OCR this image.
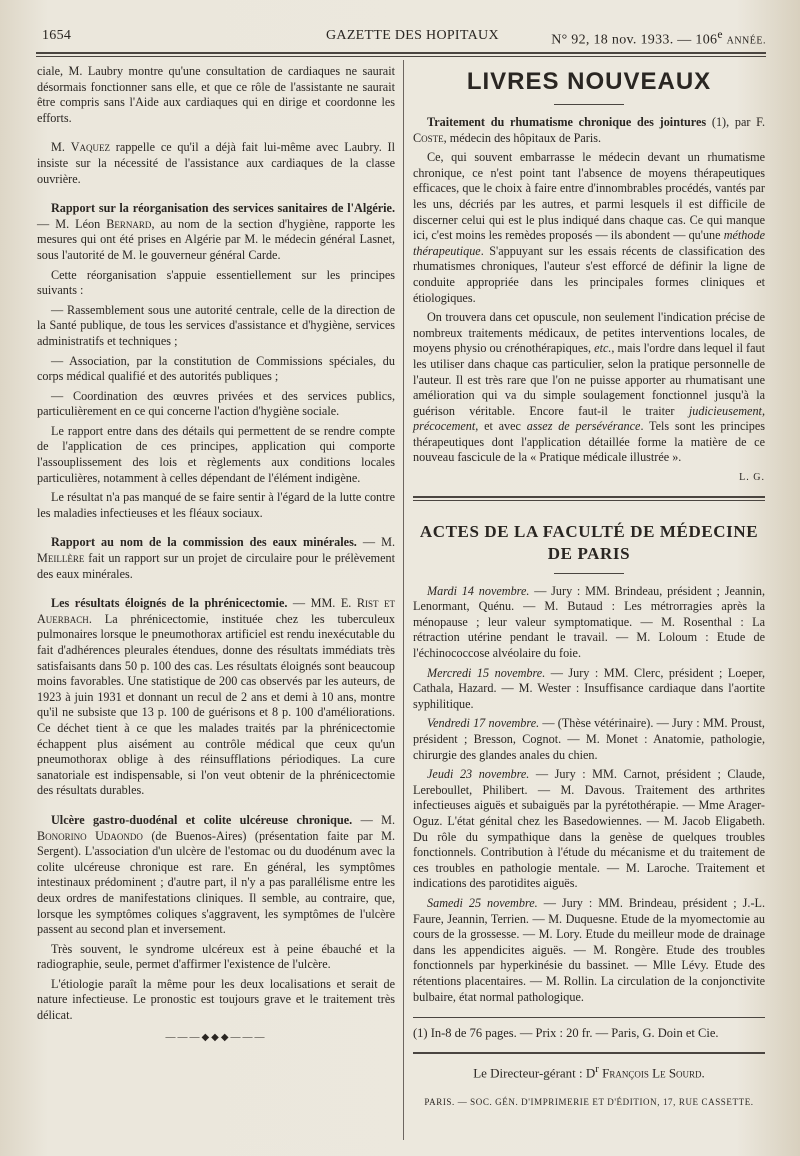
1654	GAZETTE DES HOPITAUX	N° 92, 18 nov. 1933. — 106e ANNÉE.

ciale, M. Laubry montre qu'une consultation de cardiaques ne saurait désormais fonctionner sans elle, et que ce rôle de l'assistante ne saurait être compris sans l'Aide aux cardiaques qui en dirige et coordonne les efforts.

M. Vaquez rappelle ce qu'il a déjà fait lui-même avec Laubry. Il insiste sur la nécessité de l'assistance aux cardiaques de la classe ouvrière.

Rapport sur la réorganisation des services sanitaires de l'Algérie. — M. Léon Bernard, au nom de la section d'hygiène, rapporte les mesures qui ont été prises en Algérie par M. le médecin général Lasnet, sous l'autorité de M. le gouverneur général Carde.

Cette réorganisation s'appuie essentiellement sur les principes suivants :

— Rassemblement sous une autorité centrale, celle de la direction de la Santé publique, de tous les services d'assistance et d'hygiène, services administratifs et techniques ;

— Association, par la constitution de Commissions spéciales, du corps médical qualifié et des autorités publiques ;

— Coordination des œuvres privées et des services publics, particulièrement en ce qui concerne l'action d'hygiène sociale.

Le rapport entre dans des détails qui permettent de se rendre compte de l'application de ces principes, application qui comporte l'assouplissement des lois et règlements aux conditions locales particulières, notamment à celles dépendant de l'élément indigène.

Le résultat n'a pas manqué de se faire sentir à l'égard de la lutte contre les maladies infectieuses et les fléaux sociaux.

Rapport au nom de la commission des eaux minérales. — M. Meillère fait un rapport sur un projet de circulaire pour le prélèvement des eaux minérales.

Les résultats éloignés de la phrénicectomie. — MM. E. Rist et Auerbach. La phrénicectomie, instituée chez les tuberculeux pulmonaires lorsque le pneumothorax artificiel est rendu inexécutable du fait d'adhérences pleurales étendues, donne des résultats immédiats très satisfaisants dans 50 p. 100 des cas. Les résultats éloignés sont beaucoup moins favorables. Une statistique de 200 cas observés par les auteurs, de 1923 à juin 1931 et donnant un recul de 2 ans et demi à 10 ans, montre qu'il ne subsiste que 13 p. 100 de guérisons et 8 p. 100 d'améliorations. Ce déchet tient à ce que les malades traités par la phrénicectomie échappent plus aisément au contrôle médical que ceux qu'un pneumothorax oblige à des réinsufflations périodiques. La cure sanatoriale est indispensable, si l'on veut obtenir de la phrénicectomie des résultats durables.

Ulcère gastro-duodénal et colite ulcéreuse chronique. — M. Bonorino Udaondo (de Buenos-Aires) (présentation faite par M. Sergent). L'association d'un ulcère de l'estomac ou du duodénum avec la colite ulcéreuse chronique est rare. En général, les symptômes intestinaux prédominent ; d'autre part, il n'y a pas parallélisme entre les deux ordres de manifestations cliniques. Il semble, au contraire, que, lorsque les symptômes coliques s'aggravent, les symptômes de l'ulcère passent au second plan et inversement.

Très souvent, le syndrome ulcéreux est à peine ébauché et la radiographie, seule, permet d'affirmer l'existence de l'ulcère.

L'étiologie paraît la même pour les deux localisations et serait de nature infectieuse. Le pronostic est toujours grave et le traitement très délicat.

———◆◆◆———
LIVRES NOUVEAUX

Traitement du rhumatisme chronique des jointures (1), par F. Coste, médecin des hôpitaux de Paris.

Ce, qui souvent embarrasse le médecin devant un rhumatisme chronique, ce n'est point tant l'absence de moyens thérapeutiques efficaces, que le choix à faire entre d'innombrables procédés, vantés par les uns, décriés par les autres, et parmi lesquels il est difficile de discerner celui qui est le plus indiqué dans chaque cas. Ce qui manque ici, c'est moins les remèdes proposés — ils abondent — qu'une méthode thérapeutique. S'appuyant sur les essais récents de classification des rhumatismes chroniques, l'auteur s'est efforcé de définir la ligne de conduite appropriée dans les principales formes cliniques et étiologiques.

On trouvera dans cet opuscule, non seulement l'indication précise de nombreux traitements médicaux, de petites interventions locales, de moyens physio ou crénothérapiques, etc., mais l'ordre dans lequel il faut les utiliser dans chaque cas particulier, selon la pratique personnelle de l'auteur. Il est très rare que l'on ne puisse apporter au rhumatisant une amélioration qui va du simple soulagement fonctionnel jusqu'à la guérison véritable. Encore faut-il le traiter judicieusement, précocement, et avec assez de persévérance. Tels sont les principes thérapeutiques dont l'application détaillée forme la matière de ce nouveau fascicule de la « Pratique médicale illustrée ».

L. G.
ACTES DE LA FACULTÉ DE MÉDECINE DE PARIS

Mardi 14 novembre. — Jury : MM. Brindeau, président ; Jeannin, Lenormant, Quénu. — M. Butaud : Les métrorragies après la ménopause ; leur valeur symptomatique. — M. Rosenthal : La rétraction utérine pendant le travail. — M. Loloum : Etude de l'échinococcose alvéolaire du foie.

Mercredi 15 novembre. — Jury : MM. Clerc, président ; Loeper, Cathala, Hazard. — M. Wester : Insuffisance cardiaque dans l'aortite syphilitique.

Vendredi 17 novembre. — (Thèse vétérinaire). — Jury : MM. Proust, président ; Bresson, Cognot. — M. Monet : Anatomie, pathologie, chirurgie des glandes anales du chien.

Jeudi 23 novembre. — Jury : MM. Carnot, président ; Claude, Lereboullet, Philibert. — M. Davous. Traitement des arthrites infectieuses aiguës et subaiguës par la pyrétothérapie. — Mme Arager-Oguz. L'état génital chez les Basedowiennes. — M. Jacob Eligabeth. Du rôle du sympathique dans la genèse de quelques troubles fonctionnels. Contribution à l'étude du mécanisme et du traitement de ces troubles en pathologie mentale. — M. Laroche. Traitement et indications des parotidites aiguës.

Samedi 25 novembre. — Jury : MM. Brindeau, président ; J.-L. Faure, Jeannin, Terrien. — M. Duquesne. Etude de la myomectomie au cours de la grossesse. — M. Lory. Etude du meilleur mode de drainage dans les appendicites aiguës. — M. Rongère. Etude des troubles fonctionnels par hyperkinésie du bassinet. — Mlle Lévy. Etude des rétentions placentaires. — M. Rollin. La circulation de la conjonctivite bulbaire, état normal pathologique.

(1) In-8 de 76 pages. — Prix : 20 fr. — Paris, G. Doin et Cie.
Le Directeur-gérant : $D^r$ François Le Sourd.
PARIS. — SOC. GÉN. D'IMPRIMERIE ET D'ÉDITION, 17, RUE CASSETTE.
